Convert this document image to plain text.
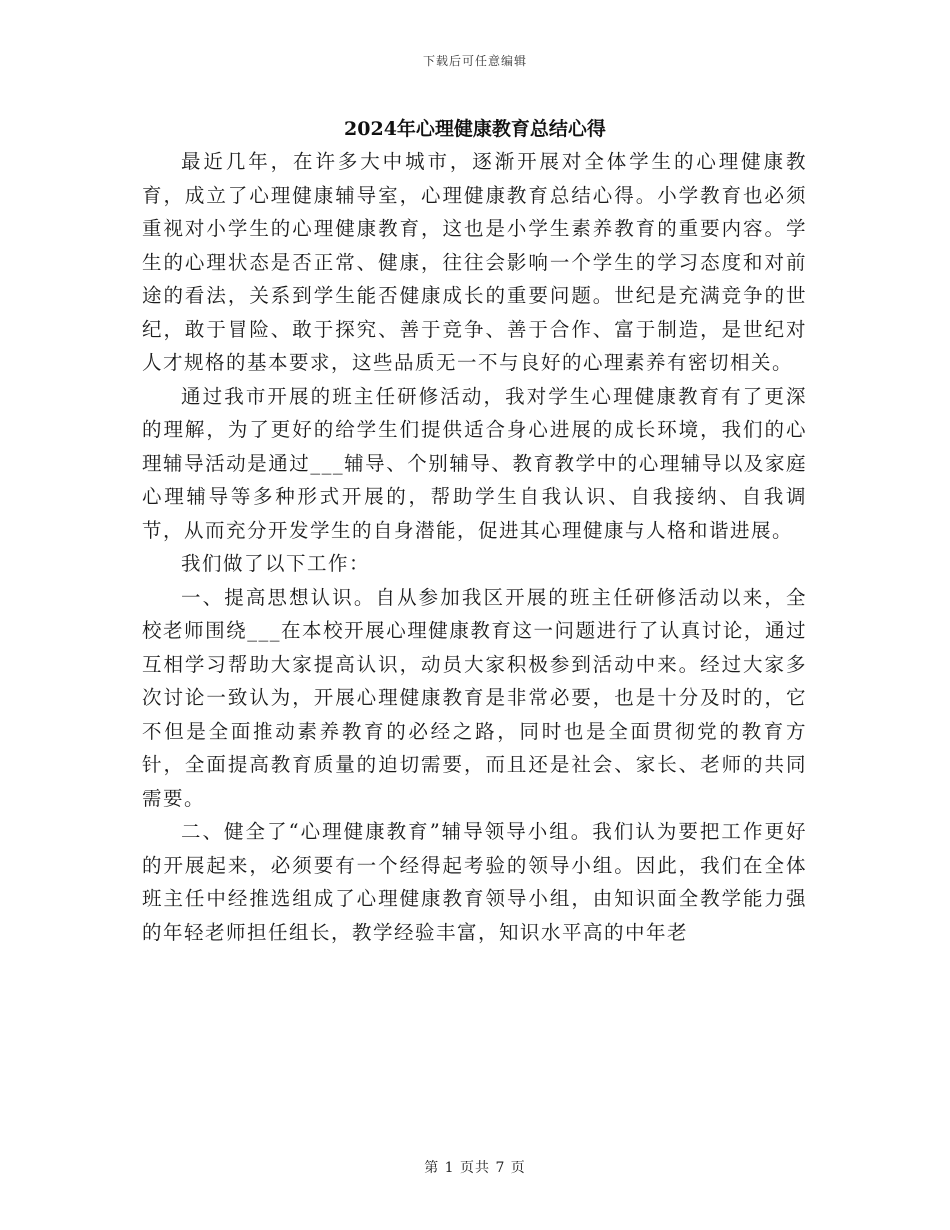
下载后可任意编辑
2024年心理健康教育总结心得

最近几年，在许多大中城市，逐渐开展对全体学生的心理健康教育，成立了心理健康辅导室，心理健康教育总结心得。小学教育也必须重视对小学生的心理健康教育，这也是小学生素养教育的重要内容。学生的心理状态是否正常、健康，往往会影响一个学生的学习态度和对前途的看法，关系到学生能否健康成长的重要问题。世纪是充满竞争的世纪，敢于冒险、敢于探究、善于竞争、善于合作、富于制造，是世纪对人才规格的基本要求，这些品质无一不与良好的心理素养有密切相关。

通过我市开展的班主任研修活动，我对学生心理健康教育有了更深的理解，为了更好的给学生们提供适合身心进展的成长环境，我们的心理辅导活动是通过___辅导、个别辅导、教育教学中的心理辅导以及家庭心理辅导等多种形式开展的，帮助学生自我认识、自我接纳、自我调节，从而充分开发学生的自身潜能，促进其心理健康与人格和谐进展。

我们做了以下工作：

一、提高思想认识。自从参加我区开展的班主任研修活动以来，全校老师围绕___在本校开展心理健康教育这一问题进行了认真讨论，通过互相学习帮助大家提高认识，动员大家积极参到活动中来。经过大家多次讨论一致认为，开展心理健康教育是非常必要，也是十分及时的，它不但是全面推动素养教育的必经之路，同时也是全面贯彻党的教育方针，全面提高教育质量的迫切需要，而且还是社会、家长、老师的共同需要。

二、健全了“心理健康教育”辅导领导小组。我们认为要把工作更好的开展起来，必须要有一个经得起考验的领导小组。因此，我们在全体班主任中经推选组成了心理健康教育领导小组，由知识面全教学能力强的年轻老师担任组长，教学经验丰富，知识水平高的中年老

第 1 页共 7 页
